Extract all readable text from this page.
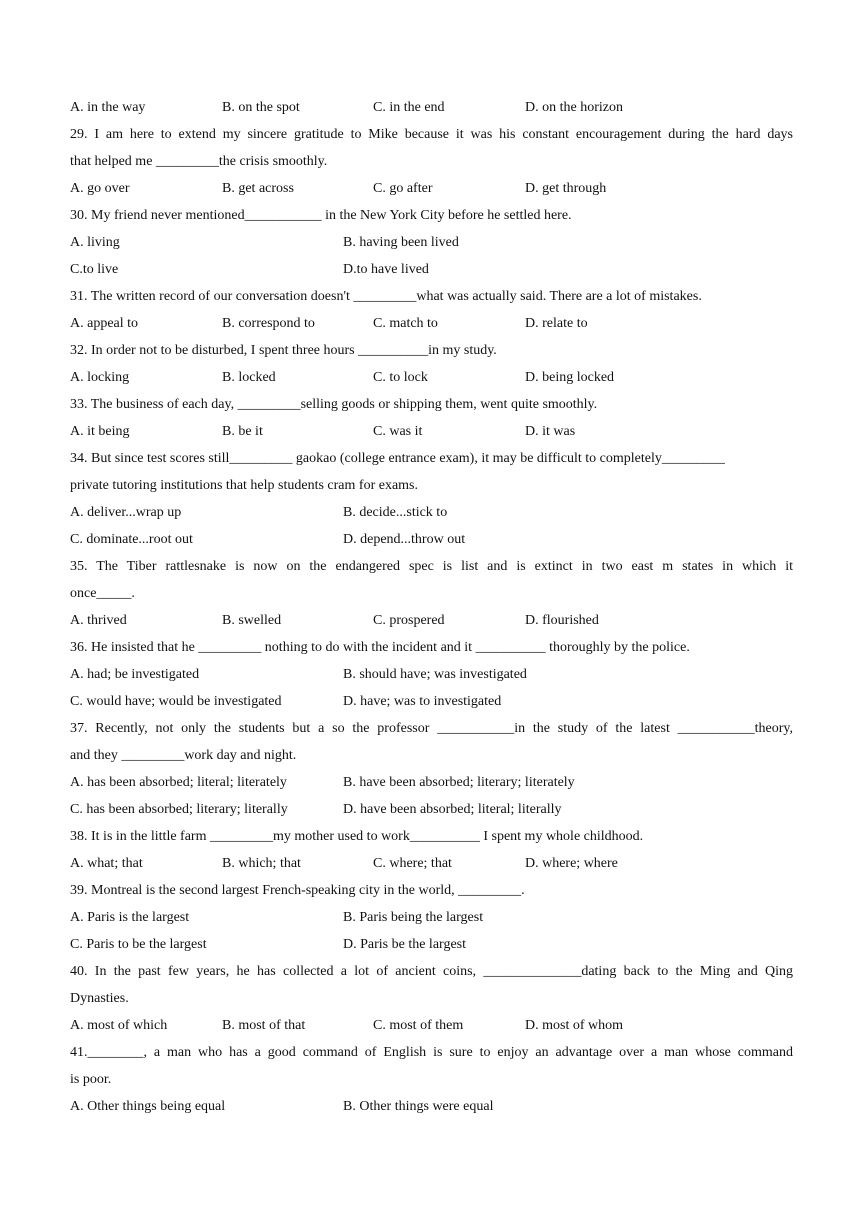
A. in the way	B. on the spot	C. in the end	D. on the horizon
29. I am here to extend my sincere gratitude to Mike because it was his constant encouragement during the hard days
that helped me _________the crisis smoothly.
A. go over	B. get across	C. go after	D. get through
30. My friend never mentioned___________ in the New York City before he settled here.
A. living	B. having been lived
C.to live	D.to have lived
31. The written record of our conversation doesn't _________what was actually said. There are a lot of mistakes.
A. appeal to	B. correspond to	C. match to	D. relate to
32. In order not to be disturbed, I spent three hours __________in my study.
A. locking	B. locked	C. to lock	D. being locked
33. The business of each day, _________selling goods or shipping them, went quite smoothly.
A. it being	B. be it	C. was it	D. it was
34. But since test scores still_________ gaokao (college entrance exam), it may be difficult to completely_________
private tutoring institutions that help students cram for exams.
A. deliver...wrap up	B. decide...stick to
C. dominate...root out	D. depend...throw out
35. The Tiber rattlesnake is now on the endangered spec is list and is extinct in two east m states in which it
once_____.
A. thrived	B. swelled	C. prospered	D. flourished
36. He insisted that he _________ nothing to do with the incident and it __________ thoroughly by the police.
A. had; be investigated	B. should have; was investigated
C. would have; would be investigated	D. have; was to investigated
37. Recently, not only the students but a so the professor ___________in the study of the latest ___________theory,
and they _________work day and night.
A. has been absorbed; literal; literately	B. have been absorbed; literary; literately
C. has been absorbed; literary; literally	D. have been absorbed; literal; literally
38. It is in the little farm _________my mother used to work__________ I spent my whole childhood.
A. what; that	B. which; that	C. where; that	D. where; where
39. Montreal is the second largest French-speaking city in the world, _________.
A. Paris is the largest	B. Paris being the largest
C. Paris to be the largest	D. Paris be the largest
40. In the past few years, he has collected a lot of ancient coins, ______________dating back to the Ming and Qing
Dynasties.
A. most of which	B. most of that	C. most of them	D. most of whom
41.________, a man who has a good command of English is sure to enjoy an advantage over a man whose command
is poor.
A. Other things being equal	B. Other things were equal
